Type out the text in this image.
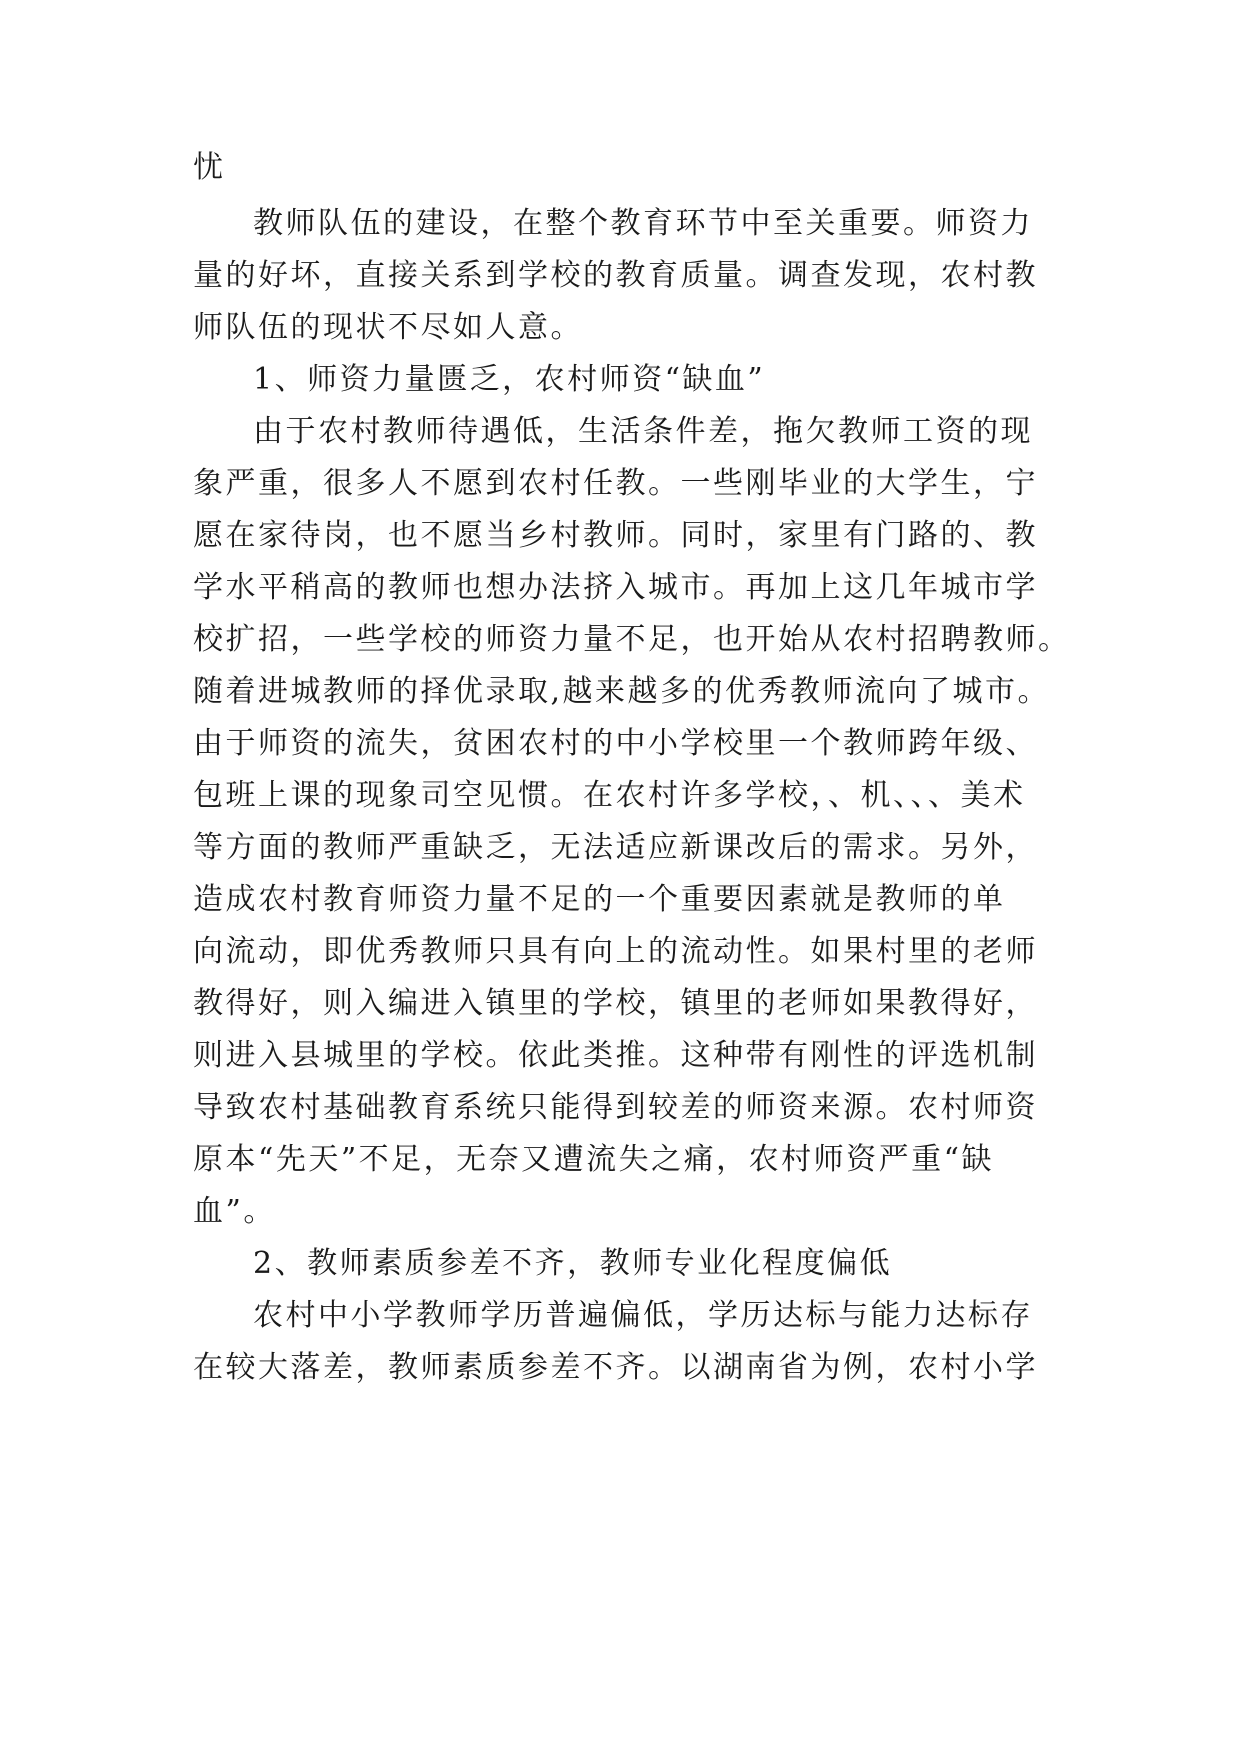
忧

教师队伍的建设，在整个教育环节中至关重要。师资力

量的好坏，直接关系到学校的教育质量。调查发现，农村教

师队伍的现状不尽如人意。

1、师资力量匮乏，农村师资“缺血”

由于农村教师待遇低，生活条件差，拖欠教师工资的现

象严重，很多人不愿到农村任教。一些刚毕业的大学生，宁

愿在家待岗，也不愿当乡村教师。同时，家里有门路的、教

学水平稍高的教师也想办法挤入城市。再加上这几年城市学

校扩招，一些学校的师资力量不足，也开始从农村招聘教师。

随着进城教师的择优录取,越来越多的优秀教师流向了城市。

由于师资的流失，贫困农村的中小学校里一个教师跨年级、

包班上课的现象司空见惯。在农村许多学校，、机、、、美术

等方面的教师严重缺乏，无法适应新课改后的需求。另外，

造成农村教育师资力量不足的一个重要因素就是教师的单

向流动，即优秀教师只具有向上的流动性。如果村里的老师

教得好，则入编进入镇里的学校，镇里的老师如果教得好，

则进入县城里的学校。依此类推。这种带有刚性的评选机制

导致农村基础教育系统只能得到较差的师资来源。农村师资

原本“先天”不足，无奈又遭流失之痛，农村师资严重“缺

血”。

2、教师素质参差不齐，教师专业化程度偏低

农村中小学教师学历普遍偏低，学历达标与能力达标存

在较大落差，教师素质参差不齐。以湖南省为例，农村小学
